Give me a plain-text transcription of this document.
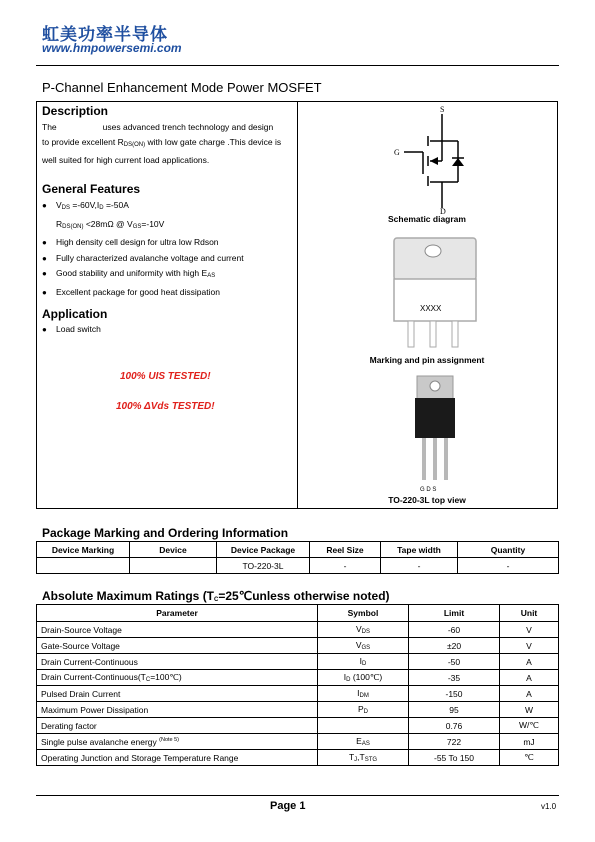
虹美功率半导体
www.hmpowersemi.com
P-Channel Enhancement Mode Power MOSFET
Description
The	uses advanced trench technology and design
to provide excellent $R_{DS(ON)}$ with low gate charge .This device is
well suited for high current load applications.
General Features
● $V_{DS} =-60V,I_D =-50A$
$R_{DS(ON)} <28m\Omega$ @ $V_{GS}=-10V$
● High density cell design for ultra low Rdson
● Fully characterized avalanche voltage and current
● Good stability and uniformity with high $E_{AS}$
● Excellent package for good heat dissipation
Application
● Load switch
100% UIS TESTED!
100% ΔVds TESTED!
S
G
D
Schematic diagram
XXXX
Marking and pin assignment
G D S
TO-220-3L top view
Package Marking and Ordering Information
Device Marking	Device	Device Package	Reel Size	Tape width	Quantity
		TO-220-3L	-	-	-
Absolute Maximum Ratings ($T_C=25℃unless$ otherwise noted)
Parameter	Symbol	Limit	Unit
Drain-Source Voltage	$V_{DS}$	-60	V
Gate-Source Voltage	$V_{GS}$	±20	V
Drain Current-Continuous	$I_D$	-50	A
Drain Current-$Continuous(T_C=100℃)$	$I_D$ (100℃)	-35	A
Pulsed Drain Current	$I_{DM}$	-150	A
Maximum Power Dissipation	$P_D$	95	W
Derating factor		0.76	W/℃
Single pulse avalanche energy $^{(Note 5)}$	$E_{AS}$	722	mJ
Operating Junction and Storage Temperature Range	$T_J,T_{STG}$	-55 To 150	℃
Page 1	v1.0
